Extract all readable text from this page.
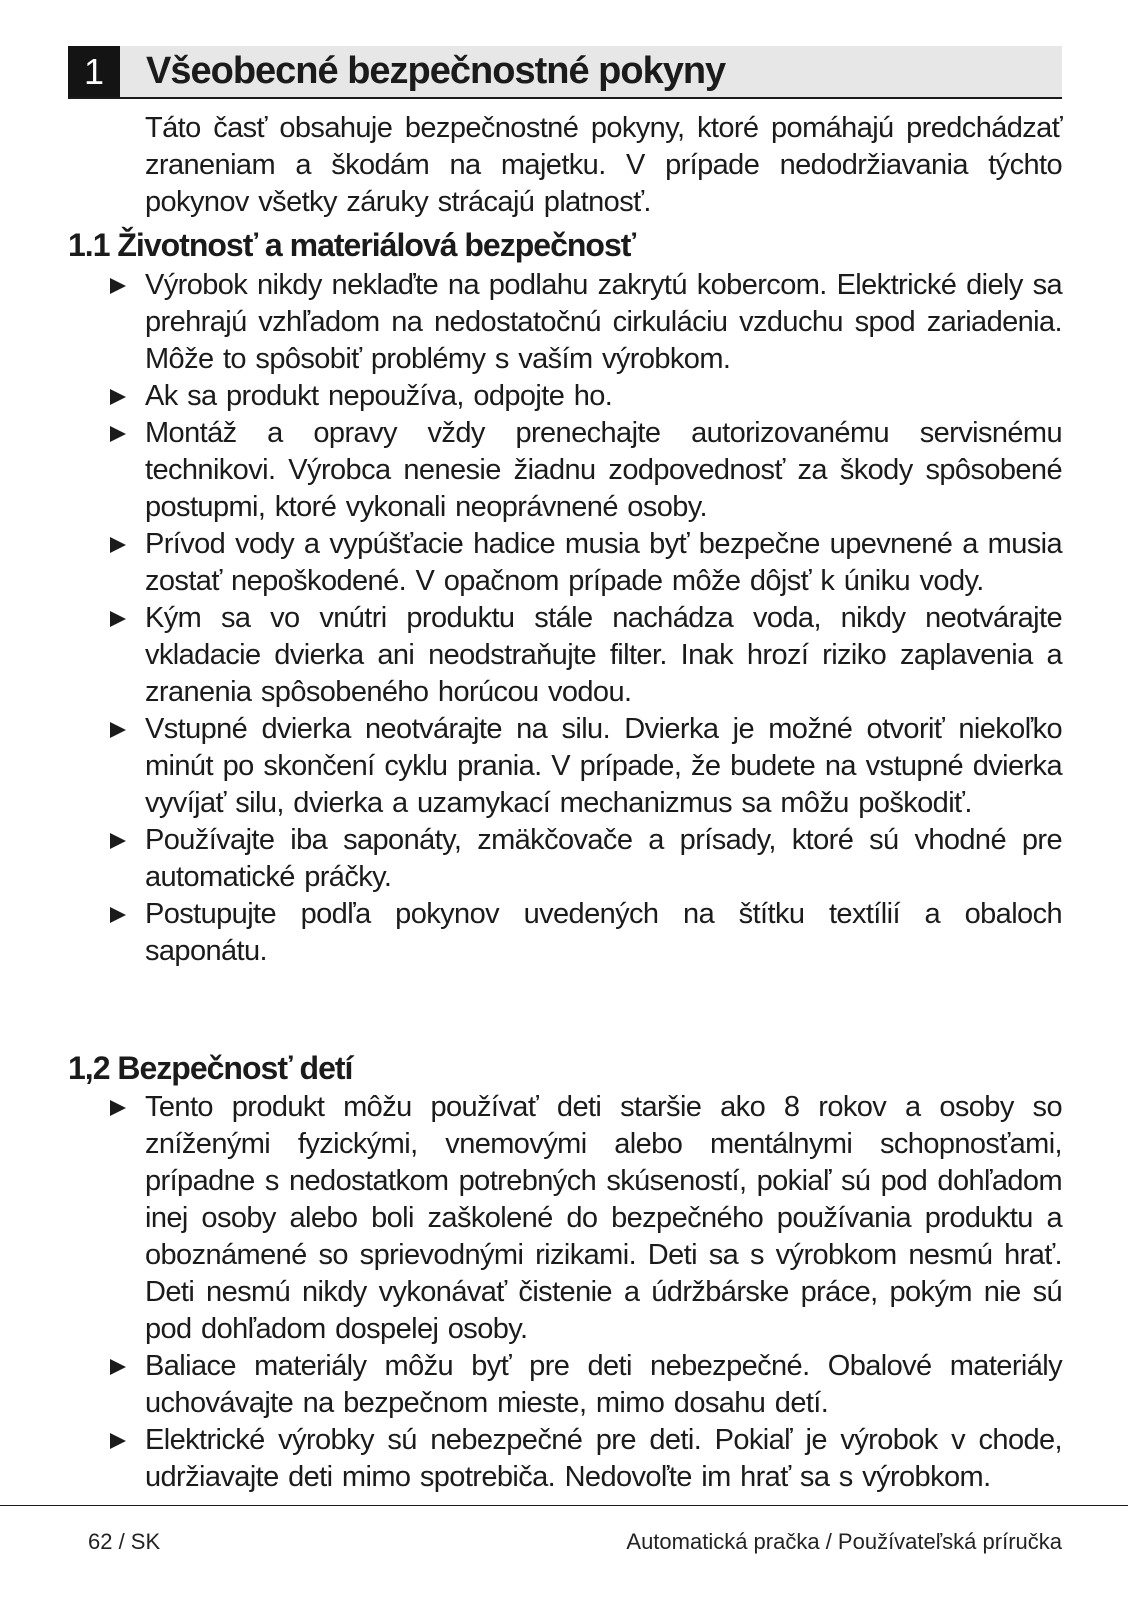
1	Všeobecné bezpečnostné pokyny

Táto časť obsahuje bezpečnostné pokyny, ktoré pomáhajú predchádzať zraneniam a škodám na majetku. V prípade nedodržiavania týchto pokynov všetky záruky strácajú platnosť.

1.1 Životnosť a materiálová bezpečnosť
Výrobok nikdy neklaďte na podlahu zakrytú kobercom. Elektrické diely sa prehrajú vzhľadom na nedostatočnú cirkuláciu vzduchu spod zariadenia. Môže to spôsobiť problémy s vaším výrobkom.
Ak sa produkt nepoužíva, odpojte ho.
Montáž a opravy vždy prenechajte autorizovanému servisnému technikovi. Výrobca nenesie žiadnu zodpovednosť za škody spôsobené postupmi, ktoré vykonali neoprávnené osoby.
Prívod vody a vypúšťacie hadice musia byť bezpečne upevnené a musia zostať nepoškodené. V opačnom prípade môže dôjsť k úniku vody.
Kým sa vo vnútri produktu stále nachádza voda, nikdy neotvárajte vkladacie dvierka ani neodstraňujte filter. Inak hrozí riziko zaplavenia a zranenia spôsobeného horúcou vodou.
Vstupné dvierka neotvárajte na silu. Dvierka je možné otvoriť niekoľko minút po skončení cyklu prania. V prípade, že budete na vstupné dvierka vyvíjať silu, dvierka a uzamykací mechanizmus sa môžu poškodiť.
Používajte iba saponáty, zmäkčovače a prísady, ktoré sú vhodné pre automatické práčky.
Postupujte podľa pokynov uvedených na štítku textílií a obaloch saponátu.
1,2 Bezpečnosť detí
Tento produkt môžu používať deti staršie ako 8 rokov a osoby so zníženými fyzickými, vnemovými alebo mentálnymi schopnosťami, prípadne s nedostatkom potrebných skúseností, pokiaľ sú pod dohľadom inej osoby alebo boli zaškolené do bezpečného používania produktu a oboznámené so sprievodnými rizikami. Deti sa s výrobkom nesmú hrať. Deti nesmú nikdy vykonávať čistenie a údržbárske práce, pokým nie sú pod dohľadom dospelej osoby.
Baliace materiály môžu byť pre deti nebezpečné. Obalové materiály uchovávajte na bezpečnom mieste, mimo dosahu detí.
Elektrické výrobky sú nebezpečné pre deti. Pokiaľ je výrobok v chode, udržiavajte deti mimo spotrebiča. Nedovoľte im hrať sa s výrobkom.
62 / SK	Automatická pračka / Používateľská príručka
